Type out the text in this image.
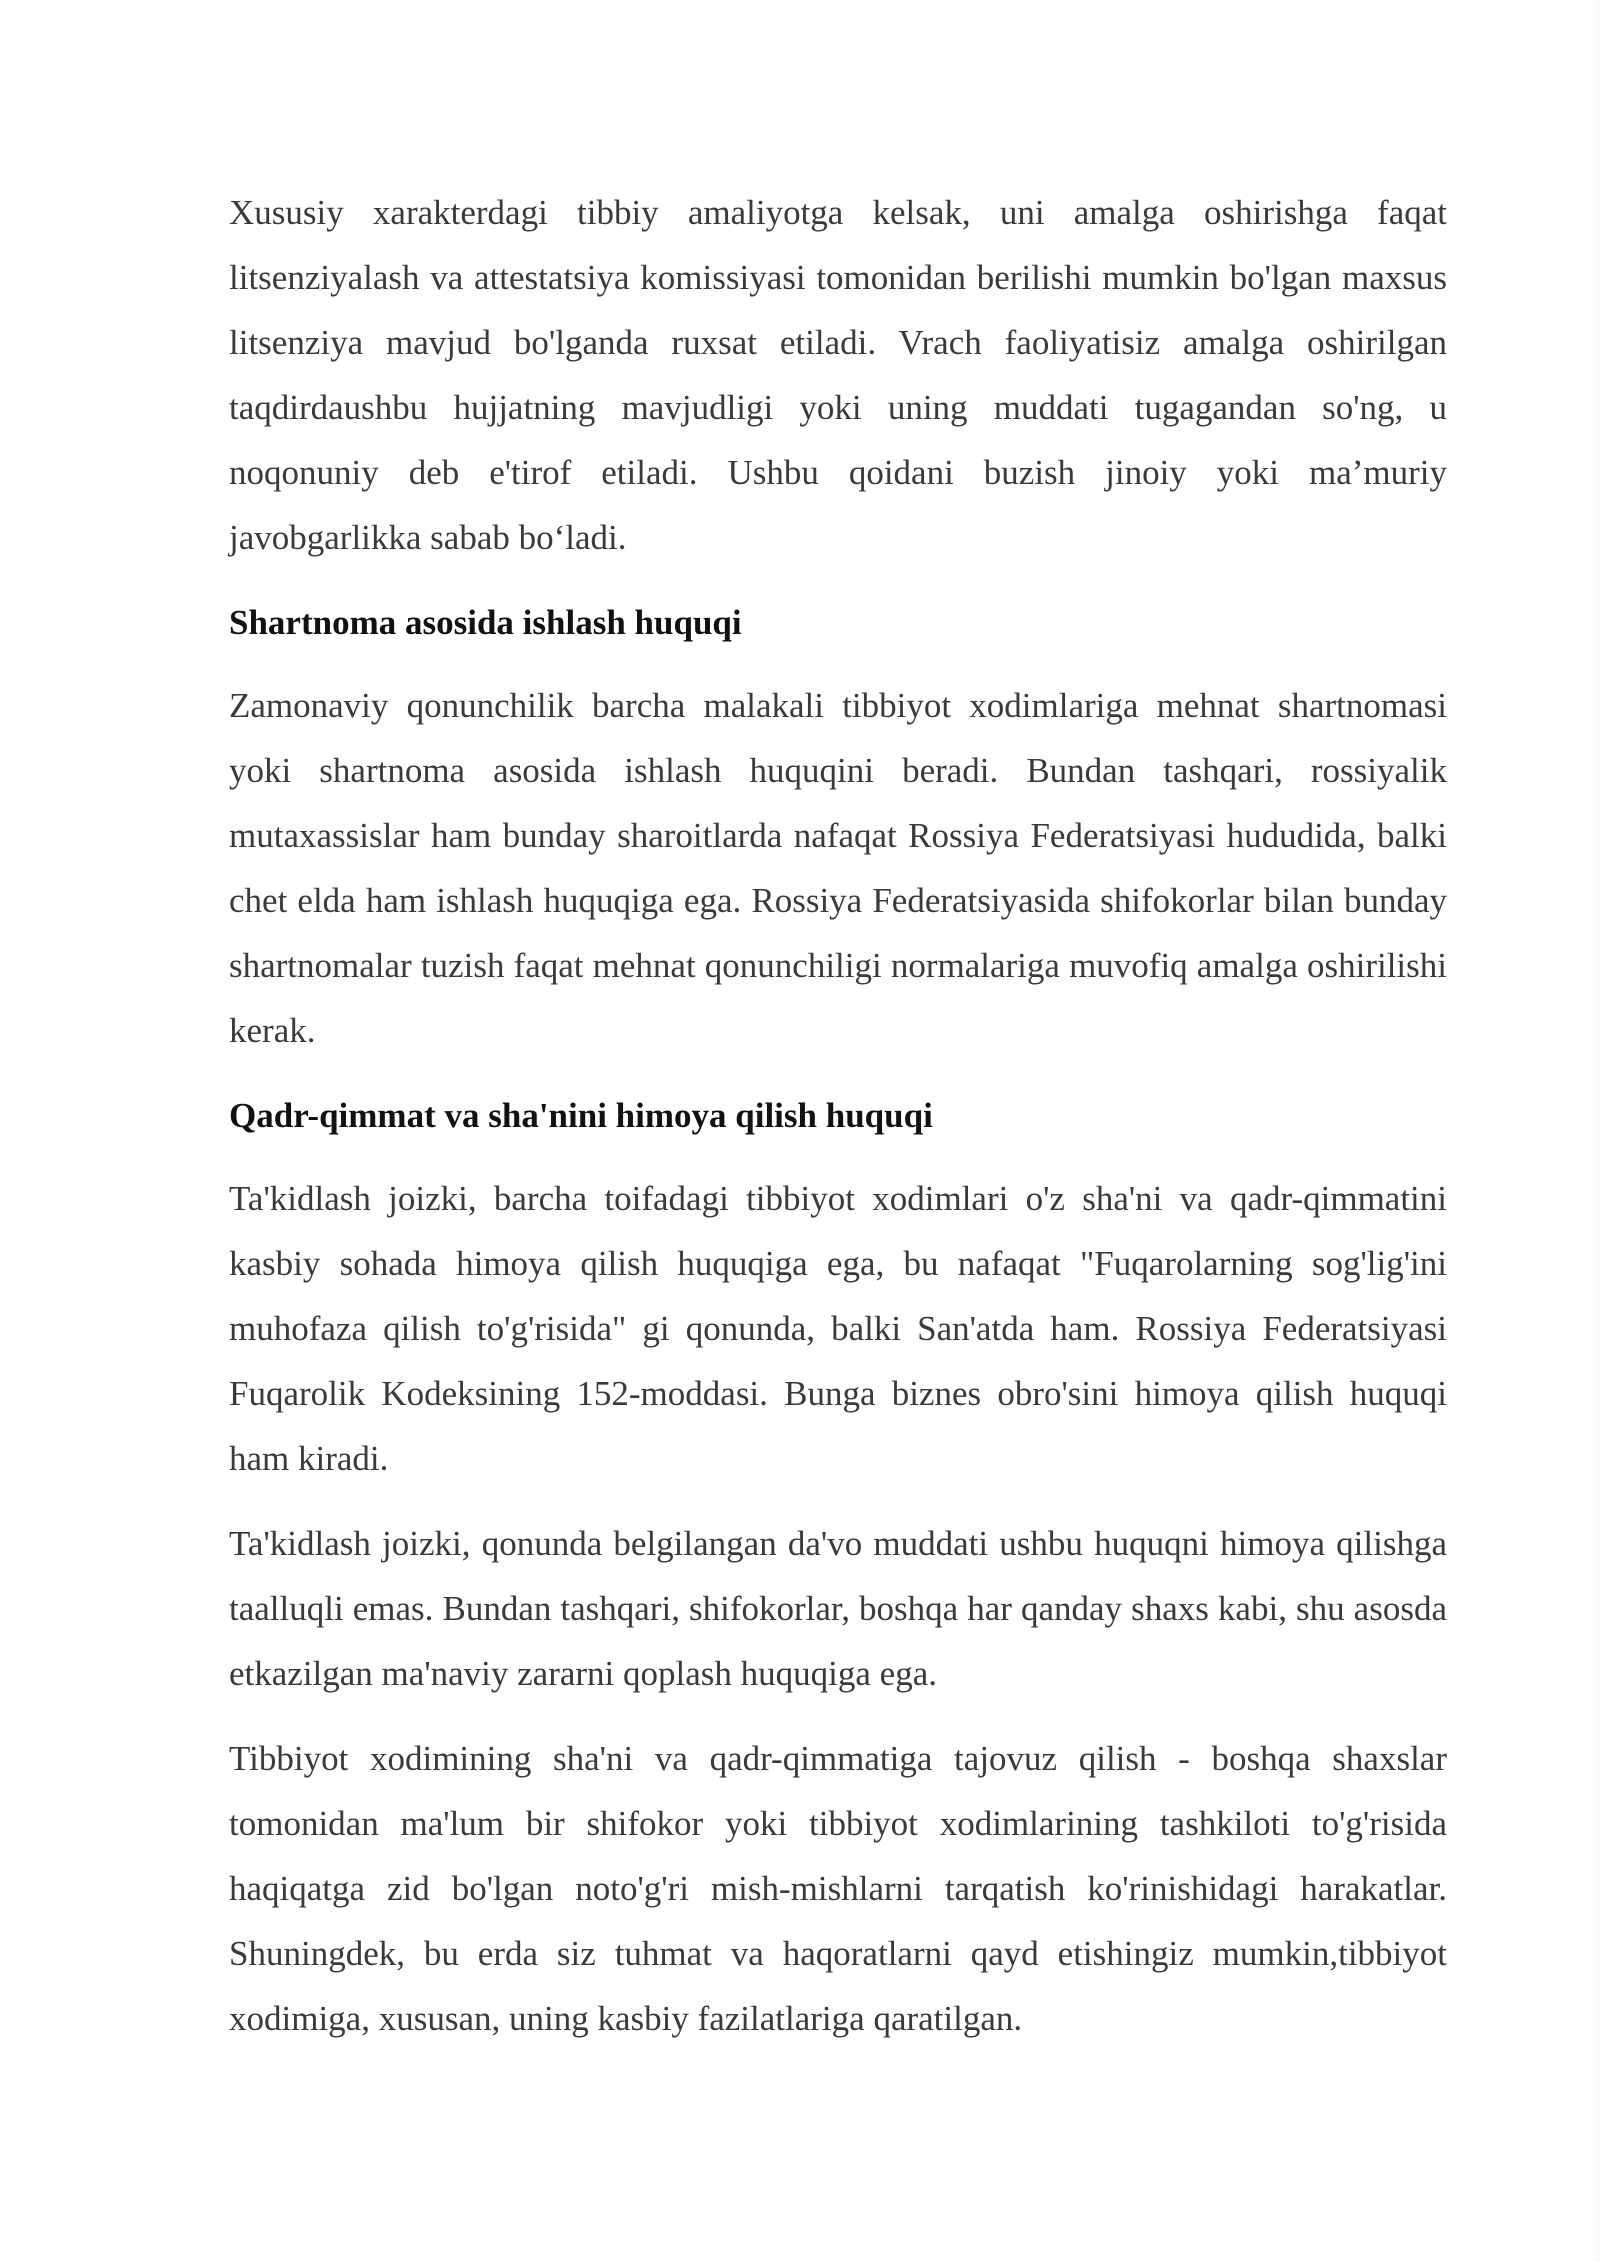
Xususiy xarakterdagi tibbiy amaliyotga kelsak, uni amalga oshirishga faqat litsenziyalash va attestatsiya komissiyasi tomonidan berilishi mumkin bo'lgan maxsus litsenziya mavjud bo'lganda ruxsat etiladi. Vrach faoliyatisiz amalga oshirilgan taqdirdaushbu hujjatning mavjudligi yoki uning muddati tugagandan so'ng, u noqonuniy deb e'tirof etiladi. Ushbu qoidani buzish jinoiy yoki maʼmuriy javobgarlikka sabab boʻladi.

Shartnoma asosida ishlash huquqi

Zamonaviy qonunchilik barcha malakali tibbiyot xodimlariga mehnat shartnomasi yoki shartnoma asosida ishlash huquqini beradi. Bundan tashqari, rossiyalik mutaxassislar ham bunday sharoitlarda nafaqat Rossiya Federatsiyasi hududida, balki chet elda ham ishlash huquqiga ega. Rossiya Federatsiyasida shifokorlar bilan bunday shartnomalar tuzish faqat mehnat qonunchiligi normalariga muvofiq amalga oshirilishi kerak.

Qadr-qimmat va sha'nini himoya qilish huquqi

Ta'kidlash joizki, barcha toifadagi tibbiyot xodimlari o'z sha'ni va qadr-qimmatini kasbiy sohada himoya qilish huquqiga ega, bu nafaqat "Fuqarolarning sog'lig'ini muhofaza qilish to'g'risida" gi qonunda, balki San'atda ham. Rossiya Federatsiyasi Fuqarolik Kodeksining 152-moddasi. Bunga biznes obro'sini himoya qilish huquqi ham kiradi.

Ta'kidlash joizki, qonunda belgilangan da'vo muddati ushbu huquqni himoya qilishga taalluqli emas. Bundan tashqari, shifokorlar, boshqa har qanday shaxs kabi, shu asosda etkazilgan ma'naviy zararni qoplash huquqiga ega.

Tibbiyot xodimining sha'ni va qadr-qimmatiga tajovuz qilish - boshqa shaxslar tomonidan ma'lum bir shifokor yoki tibbiyot xodimlarining tashkiloti to'g'risida haqiqatga zid bo'lgan noto'g'ri mish-mishlarni tarqatish ko'rinishidagi harakatlar. Shuningdek, bu erda siz tuhmat va haqoratlarni qayd etishingiz mumkin,tibbiyot xodimiga, xususan, uning kasbiy fazilatlariga qaratilgan.
